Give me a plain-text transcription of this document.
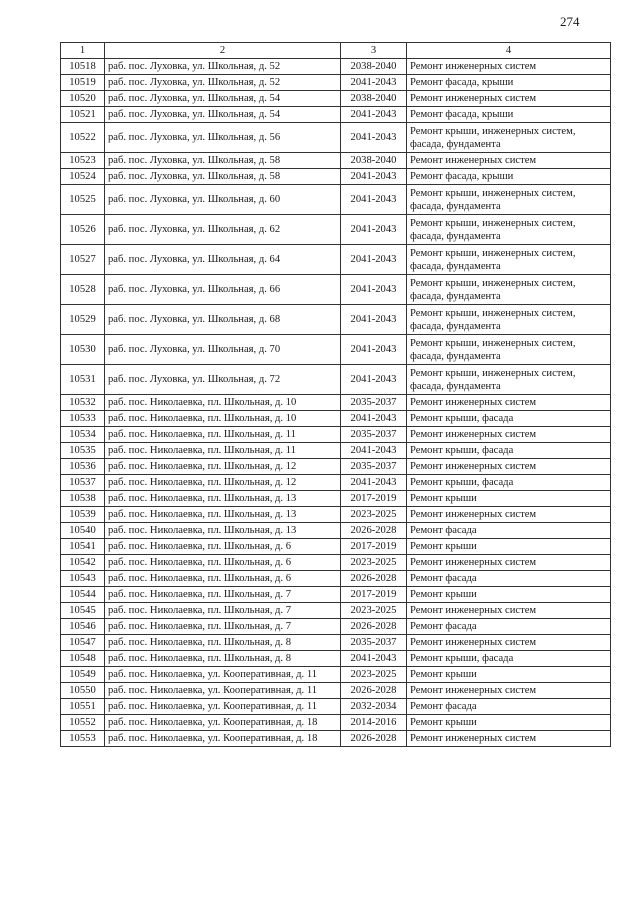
274
1	2	3	4
10518	раб. пос. Луховка, ул. Школьная, д. 52	2038-2040	Ремонт инженерных систем
10519	раб. пос. Луховка, ул. Школьная, д. 52	2041-2043	Ремонт фасада, крыши
10520	раб. пос. Луховка, ул. Школьная, д. 54	2038-2040	Ремонт инженерных систем
10521	раб. пос. Луховка, ул. Школьная, д. 54	2041-2043	Ремонт фасада, крыши
10522	раб. пос. Луховка, ул. Школьная, д. 56	2041-2043	Ремонт крыши, инженерных систем, фасада, фундамента
10523	раб. пос. Луховка, ул. Школьная, д. 58	2038-2040	Ремонт инженерных систем
10524	раб. пос. Луховка, ул. Школьная, д. 58	2041-2043	Ремонт фасада, крыши
10525	раб. пос. Луховка, ул. Школьная, д. 60	2041-2043	Ремонт крыши, инженерных систем, фасада, фундамента
10526	раб. пос. Луховка, ул. Школьная, д. 62	2041-2043	Ремонт крыши, инженерных систем, фасада, фундамента
10527	раб. пос. Луховка, ул. Школьная, д. 64	2041-2043	Ремонт крыши, инженерных систем, фасада, фундамента
10528	раб. пос. Луховка, ул. Школьная, д. 66	2041-2043	Ремонт крыши, инженерных систем, фасада, фундамента
10529	раб. пос. Луховка, ул. Школьная, д. 68	2041-2043	Ремонт крыши, инженерных систем, фасада, фундамента
10530	раб. пос. Луховка, ул. Школьная, д. 70	2041-2043	Ремонт крыши, инженерных систем, фасада, фундамента
10531	раб. пос. Луховка, ул. Школьная, д. 72	2041-2043	Ремонт крыши, инженерных систем, фасада, фундамента
10532	раб. пос. Николаевка, пл. Школьная, д. 10	2035-2037	Ремонт инженерных систем
10533	раб. пос. Николаевка, пл. Школьная, д. 10	2041-2043	Ремонт крыши, фасада
10534	раб. пос. Николаевка, пл. Школьная, д. 11	2035-2037	Ремонт инженерных систем
10535	раб. пос. Николаевка, пл. Школьная, д. 11	2041-2043	Ремонт крыши, фасада
10536	раб. пос. Николаевка, пл. Школьная, д. 12	2035-2037	Ремонт инженерных систем
10537	раб. пос. Николаевка, пл. Школьная, д. 12	2041-2043	Ремонт крыши, фасада
10538	раб. пос. Николаевка, пл. Школьная, д. 13	2017-2019	Ремонт крыши
10539	раб. пос. Николаевка, пл. Школьная, д. 13	2023-2025	Ремонт инженерных систем
10540	раб. пос. Николаевка, пл. Школьная, д. 13	2026-2028	Ремонт фасада
10541	раб. пос. Николаевка, пл. Школьная, д. 6	2017-2019	Ремонт крыши
10542	раб. пос. Николаевка, пл. Школьная, д. 6	2023-2025	Ремонт инженерных систем
10543	раб. пос. Николаевка, пл. Школьная, д. 6	2026-2028	Ремонт фасада
10544	раб. пос. Николаевка, пл. Школьная, д. 7	2017-2019	Ремонт крыши
10545	раб. пос. Николаевка, пл. Школьная, д. 7	2023-2025	Ремонт инженерных систем
10546	раб. пос. Николаевка, пл. Школьная, д. 7	2026-2028	Ремонт фасада
10547	раб. пос. Николаевка, пл. Школьная, д. 8	2035-2037	Ремонт инженерных систем
10548	раб. пос. Николаевка, пл. Школьная, д. 8	2041-2043	Ремонт крыши, фасада
10549	раб. пос. Николаевка, ул. Кооперативная, д. 11	2023-2025	Ремонт крыши
10550	раб. пос. Николаевка, ул. Кооперативная, д. 11	2026-2028	Ремонт инженерных систем
10551	раб. пос. Николаевка, ул. Кооперативная, д. 11	2032-2034	Ремонт фасада
10552	раб. пос. Николаевка, ул. Кооперативная, д. 18	2014-2016	Ремонт крыши
10553	раб. пос. Николаевка, ул. Кооперативная, д. 18	2026-2028	Ремонт инженерных систем
